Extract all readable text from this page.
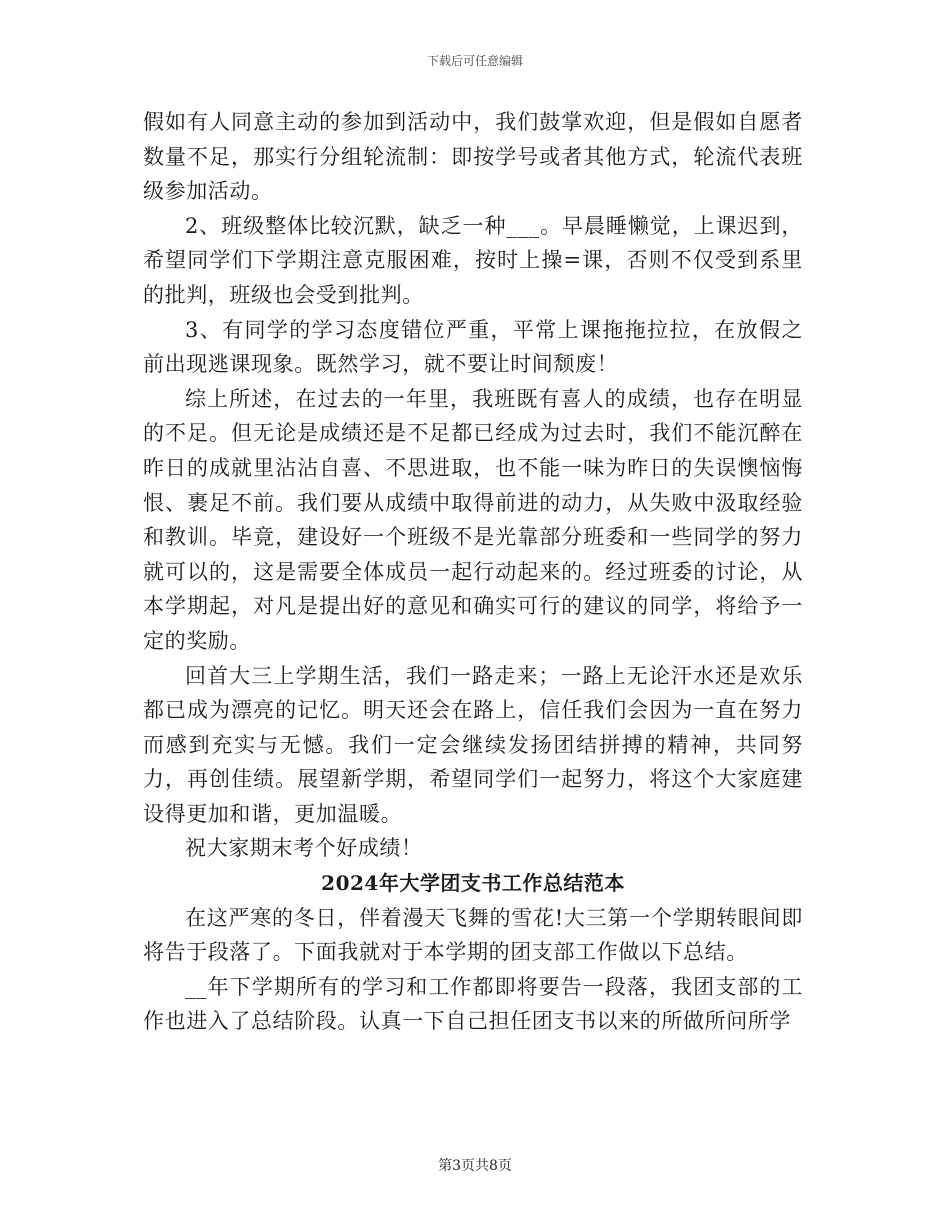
下载后可任意编辑

假如有人同意主动的参加到活动中，我们鼓掌欢迎，但是假如自愿者数量不足，那实行分组轮流制：即按学号或者其他方式，轮流代表班级参加活动。

2、班级整体比较沉默，缺乏一种___。早晨睡懒觉，上课迟到，希望同学们下学期注意克服困难，按时上操=课，否则不仅受到系里的批判，班级也会受到批判。

3、有同学的学习态度错位严重，平常上课拖拖拉拉，在放假之前出现逃课现象。既然学习，就不要让时间颓废！

综上所述，在过去的一年里，我班既有喜人的成绩，也存在明显的不足。但无论是成绩还是不足都已经成为过去时，我们不能沉醉在昨日的成就里沾沾自喜、不思进取，也不能一味为昨日的失误懊恼悔恨、裹足不前。我们要从成绩中取得前进的动力，从失败中汲取经验和教训。毕竟，建设好一个班级不是光靠部分班委和一些同学的努力就可以的，这是需要全体成员一起行动起来的。经过班委的讨论，从本学期起，对凡是提出好的意见和确实可行的建议的同学，将给予一定的奖励。

回首大三上学期生活，我们一路走来；一路上无论汗水还是欢乐都已成为漂亮的记忆。明天还会在路上，信任我们会因为一直在努力而感到充实与无憾。我们一定会继续发扬团结拼搏的精神，共同努力，再创佳绩。展望新学期，希望同学们一起努力，将这个大家庭建设得更加和谐，更加温暖。

祝大家期末考个好成绩！

2024年大学团支书工作总结范本

在这严寒的冬日，伴着漫天飞舞的雪花!大三第一个学期转眼间即将告于段落了。下面我就对于本学期的团支部工作做以下总结。

__年下学期所有的学习和工作都即将要告一段落，我团支部的工作也进入了总结阶段。认真一下自己担任团支书以来的所做所问所学

第3页共8页
